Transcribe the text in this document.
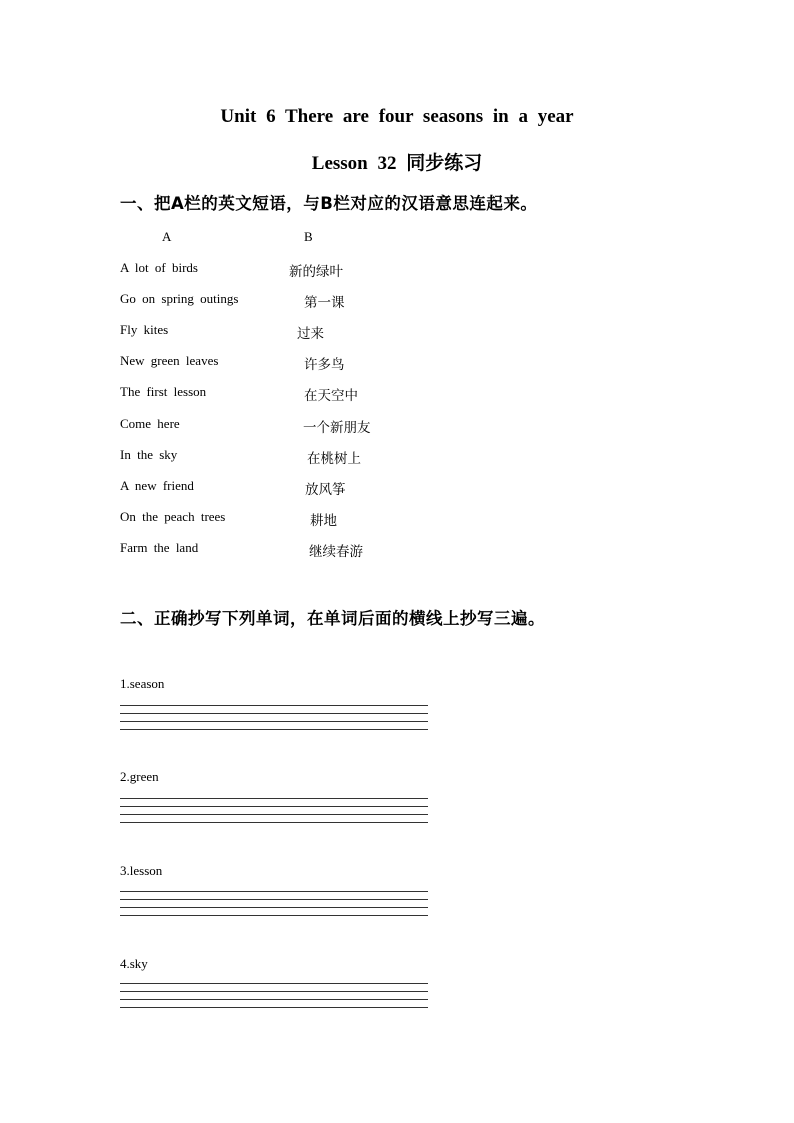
Unit 6 There are four seasons in a year
Lesson 32 同步练习
一、把A栏的英文短语，与B栏对应的汉语意思连起来。
A	B
A lot of birds	新的绿叶
Go on spring outings	第一课
Fly kites	过来
New green leaves	许多鸟
The first lesson	在天空中
Come here	一个新朋友
In the sky	在桃树上
A new friend	放风筝
On the peach trees	耕地
Farm the land	继续春游
二、正确抄写下列单词，在单词后面的横线上抄写三遍。
1.season
2.green
3.lesson
4.sky
